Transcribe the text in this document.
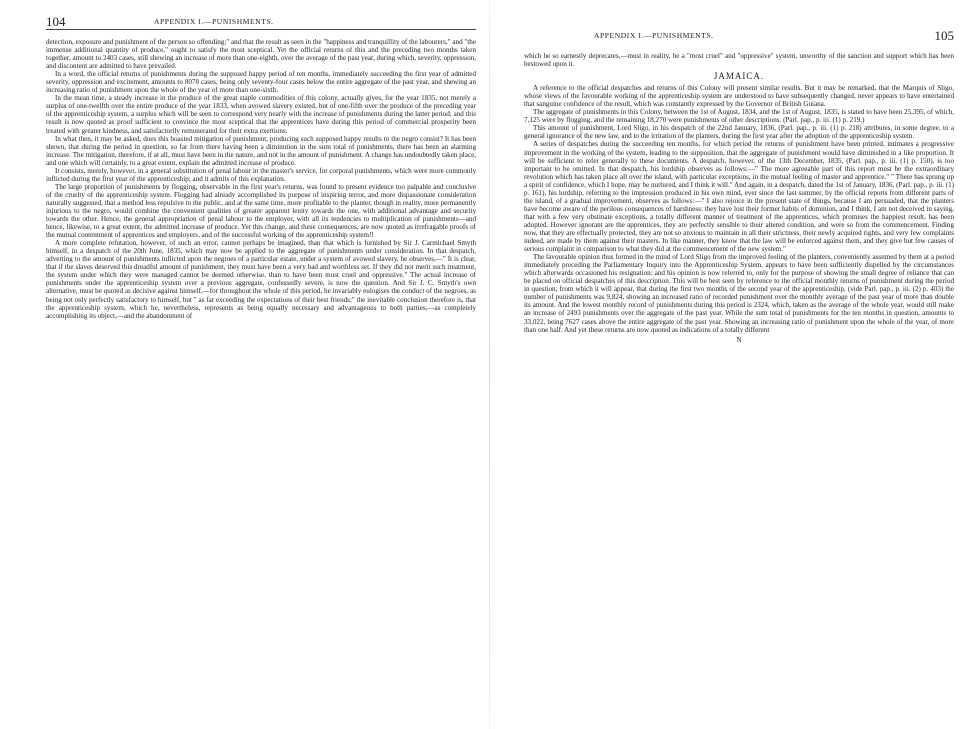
104	APPENDIX I.—PUNISHMENTS.

detection, exposure and punishment of the person so offending;" and that the result as seen in the "happiness and tranquillity of the labourers," and "the immense additional quantity of produce," ought to satisfy the most sceptical. Yet the official returns of this and the preceding two months taken together, amount to 2403 cases, still shewing an increase of more than one-eighth, over the average of the past year, during which, severity, oppression, and discontent are admitted to have prevailed.

In a word, the official returns of punishments during the supposed happy period of ten months, immediately succeeding the first year of admitted severity, oppression and excitement, amounts to 8078 cases, being only seventy-four cases below the entire aggregate of the past year, and shewing an increasing ratio of punishment upon the whole of the year of more than one-sixth.

In the mean time, a steady increase in the produce of the great staple commodities of this colony, actually gives, for the year 1835, not merely a surplus of one-twelfth over the entire produce of the year 1833, when avowed slavery existed, but of one-fifth over the produce of the preceding year of the apprenticeship system, a surplus which will be seen to correspond very nearly with the increase of punishments during the latter period; and this result is now quoted as proof sufficient to convince the most sceptical that the apprentices have during this period of commercial prosperity been treated with greater kindness, and satisfactorily remunerated for their extra exertions.

In what then, it may be asked, does this boasted mitigation of punishment, producing such supposed happy results to the negro consist? It has been shewn, that during the period in question, so far from there having been a diminution in the sum total of punishments, there has been an alarming increase. The mitigation, therefore, if at all, must have been in the nature, and not in the amount of punishment. A change has undoubtedly taken place, and one which will certainly, to a great extent, explain the admitted increase of produce.

It consists, merely, however, in a general substitution of penal labour in the master's service, for corporal punishments, which were more commonly inflicted during the first year of the apprenticeship; and it admits of this explanation.

The large proportion of punishments by flogging, observable in the first year's returns, was found to present evidence too palpable and conclusive of the cruelty of the apprenticeship system. Flogging had already accomplished its purpose of inspiring terror, and more dispassionate consideration naturally suggested, that a method less repulsive to the public, and at the same time, more profitable to the planter, though in reality, more permanently injurious to the negro, would combine the convenient qualities of greater apparent lenity towards the one, with additional advantage and security towards the other. Hence, the general appropriation of penal labour to the employer, with all its tendencies to multiplication of punishments—and hence, likewise, to a great extent, the admitted increase of produce. Yet this change, and these consequences, are now quoted as irrefragable proofs of the mutual contentment of apprentices and employers, and of the successful working of the apprenticeship system!!

A more complete refutation, however, of such an error, cannot perhaps be imagined, than that which is furnished by Sir J. Carmichael Smyth himself, in a despatch of the 20th June, 1835, which may now be applied to the aggregate of punishments under consideration. In that despatch, adverting to the amount of punishments inflicted upon the negroes of a particular estate, under a system of avowed slavery, he observes,—" It is clear, that if the slaves deserved this dreadful amount of punishment, they must have been a very bad and worthless set. If they did not merit such treatment, the system under which they were managed cannot be deemed otherwise, than to have been most cruel and oppressive." The actual increase of punishments under the apprenticeship system over a previous aggregate, confessedly severe, is now the question. And Sir J. C. Smyth's own alternative, must be quoted as decisive against himself,—for throughout the whole of this period, he invariably eulogises the conduct of the negroes, as being not only perfectly satisfactory to himself, but " as far exceeding the expectations of their best friends;" the inevitable conclusion therefore is, that the apprenticeship system, which he, nevertheless, represents as being equally necessary and advantageous to both parties,—as completely accomplishing its object,—and the abandonment of

APPENDIX I.—PUNISHMENTS.	105

which he so earnestly deprecates,—must in reality, be a "most cruel" and "oppressive" system, unworthy of the sanction and support which has been bestowed upon it.

JAMAICA.

A reference to the official despatches and returns of this Colony will present similar results. But it may be remarked, that the Marquis of Sligo, whose views of the favourable working of the apprenticeship system are understood to have subsequently changed, never appears to have entertained that sanguine confidence of the result, which was constantly expressed by the Governor of British Guiana.

The aggregate of punishments in this Colony, between the 1st of August, 1834, and the 1st of August, 1835, is stated to have been 25,395, of which, 7,125 were by flogging, and the remaining 18,270 were punishments of other descriptions. (Parl. pap., p. iii. (1) p. 219.)

This amount of punishment, Lord Sligo, in his despatch of the 22nd January, 1836, (Parl. pap., p. iii. (1) p. 218) attributes, in some degree, to a general ignorance of the new law, and to the irritation of the planters, during the first year after the adoption of the apprenticeship system.

A series of despatches during the succeeding ten months, for which period the returns of punishment have been printed, intimates a progressive improvement in the working of the system, leading to the supposition, that the aggregate of punishment would have diminished in a like proportion. It will be sufficient to refer generally to these documents. A despatch, however, of the 13th December, 1835, (Parl. pap., p. iii. (1) p. 150), is too important to be omitted. In that despatch, his lordship observes as follows:—" The more agreeable part of this report must be the extraordinary revolution which has taken place all over the island, with particular exceptions, in the mutual feeling of master and apprentice." " There has sprung up a spirit of confidence, which I hope, may be nurtured, and I think it will." And again, in a despatch, dated the 1st of January, 1836, (Parl. pap., p. iii. (1) p. 161), his lordship, referring to the impression produced in his own mind, ever since the last summer, by the official reports from different parts of the island, of a gradual improvement, observes as follows:—" I also rejoice in the present state of things, because I am persuaded, that the planters have become aware of the perilous consequences of harshness: they have lost their former habits of dominion, and I think, I am not deceived in saying, that with a few very obstinate exceptions, a totally different manner of treatment of the apprentices, which promises the happiest result, has been adopted. However ignorant are the apprentices, they are perfectly sensible to their altered condition, and were so from the commencement. Finding now, that they are effectually protected, they are not so anxious to maintain in all their strictness, their newly acquired rights, and very few complaints indeed, are made by them against their masters. In like manner, they know that the law will be enforced against them, and they give but few causes of serious complaint in comparison to what they did at the commencement of the new system."

The favourable opinion thus formed in the mind of Lord Sligo from the improved feeling of the planters, conveniently assumed by them at a period immediately preceding the Parliamentary Inquiry into the Apprenticeship System, appears to have been sufficiently dispelled by the circumstances which afterwards occasioned his resignation: and his opinion is now referred to, only for the purpose of showing the small degree of reliance that can be placed on official despatches of this description. This will be best seen by reference to the official monthly returns of punishment during the period in question; from which it will appear, that during the first two months of the second year of the apprenticeship, (vide Parl. pap., p. iii. (2) p. 403) the number of punishments was 9,824, showing an increased ratio of recorded punishment over the monthly average of the past year of more than double its amount. And the lowest monthly record of punishments during this period is 2324, which, taken as the average of the whole year, would still make an increase of 2493 punishments over the aggregate of the past year. While the sum total of punishments for the ten months in question, amounts to 33,022, being 7627 cases above the entire aggregate of the past year. Showing an increasing ratio of punishment upon the whole of the year, of more than one half. And yet these returns are now quoted as indications of a totally different

N
